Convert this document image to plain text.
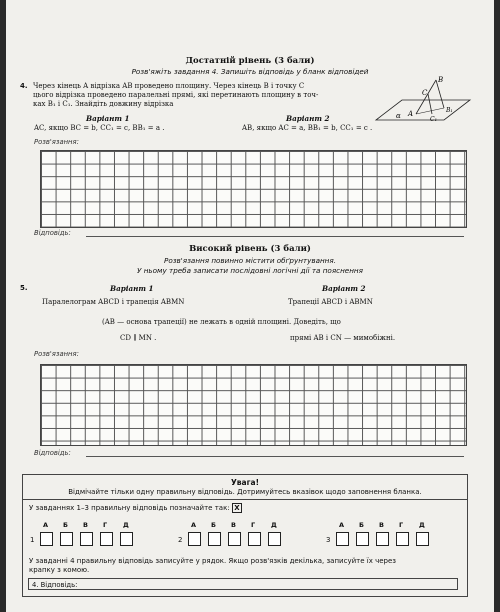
Достатній рівень (3 бали)
Розв'яжіть завдання 4. Запишіть відповідь у бланк відповідей
4. Через кінець A відрізка AB проведено площину. Через кінець B і точку C
цього відрізка проведено паралельні прямі, які перетинають площину в точ-
ках B₁ і C₁. Знайдіть довжину відрізка
B
C
A	B₁
C₁
α
Варіант 1	Варіант 2
AC, якщо BC = b, CC₁ = c, BB₁ = a .	AB, якщо AC = a, BB₁ = b, CC₁ = c .
Розв'язання:
Відповідь:
Високий рівень (3 бали)
Розв'язання повинно містити обґрунтування.
У ньому треба записати послідовні логічні дії та пояснення
5.	Варіант 1	Варіант 2
Паралелограм ABCD і трапеція ABMN	Трапеції ABCD і ABMN
(AB — основа трапеції) не лежать в одній площині. Доведіть, що
CD ∥ MN .	прямі AB і CN — мимобіжні.
Розв'язання:
Відповідь:
Увага!
Відмічайте тільки одну правильну відповідь. Дотримуйтесь вказівок щодо заповнення бланка.
У завданнях 1–3 правильну відповідь позначайте так: X
У завданні 4 правильну відповідь записуйте у рядок. Якщо розв'язків декілька, записуйте їх через
крапку з комою.
1
А Б В Г Д
2
А Б В Г Д
3
А Б В Г Д
4. Відповідь:
